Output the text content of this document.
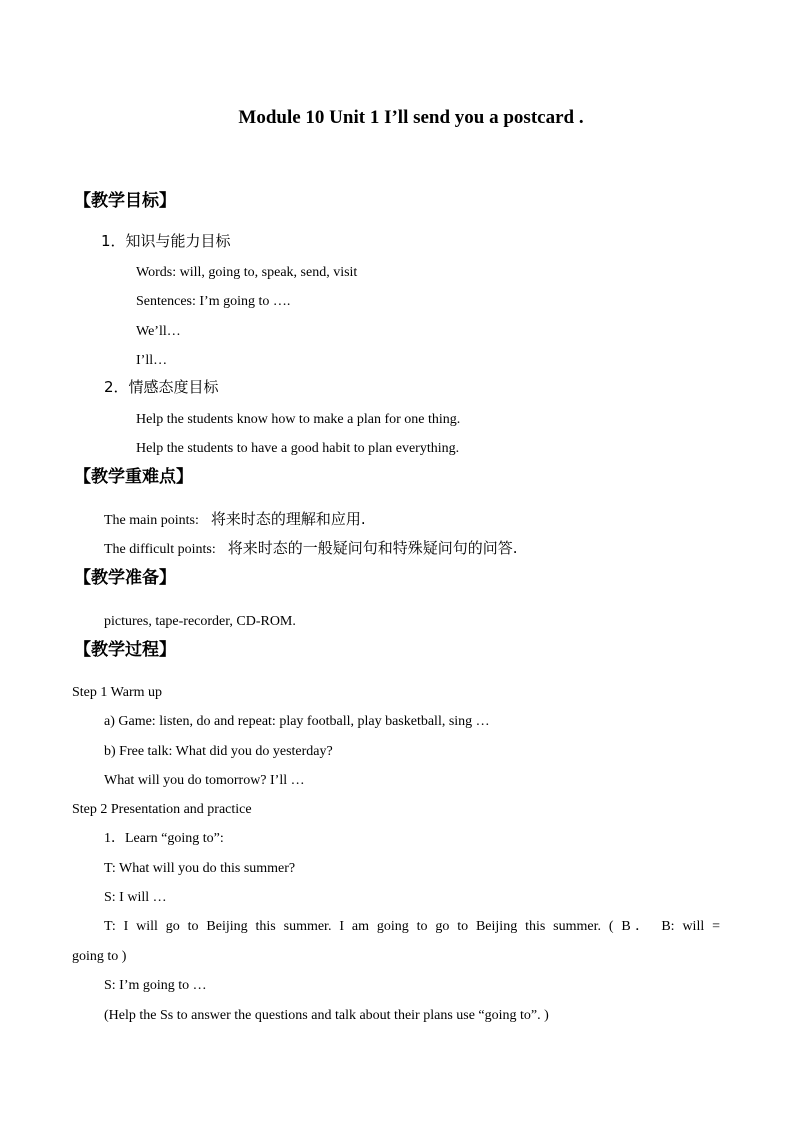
Module 10 Unit 1 I’ll send you a postcard .
【教学目标】
1．知识与能力目标
Words: will, going to, speak, send, visit
Sentences: I’m going to ….
We’ll…
I’ll…
2．情感态度目标
Help the students know how to make a plan for one thing.
Help the students to have a good habit to plan everything.
【教学重难点】
The main points: 将来时态的理解和应用.
The difficult points: 将来时态的一般疑问句和特殊疑问句的问答.
【教学准备】
pictures, tape-recorder, CD-ROM.
【教学过程】
Step 1 Warm up
a) Game: listen, do and repeat: play football, play basketball, sing …
b) Free talk: What did you do yesterday?
What will you do tomorrow? I’ll …
Step 2 Presentation and practice
1．Learn “going to”:
T: What will you do this summer?
S: I will …
T: I will go to Beijing this summer. I am going to go to Beijing this summer. ( B． B: will =
going to )
S: I’m going to …
(Help the Ss to answer the questions and talk about their plans use “going to”. )
